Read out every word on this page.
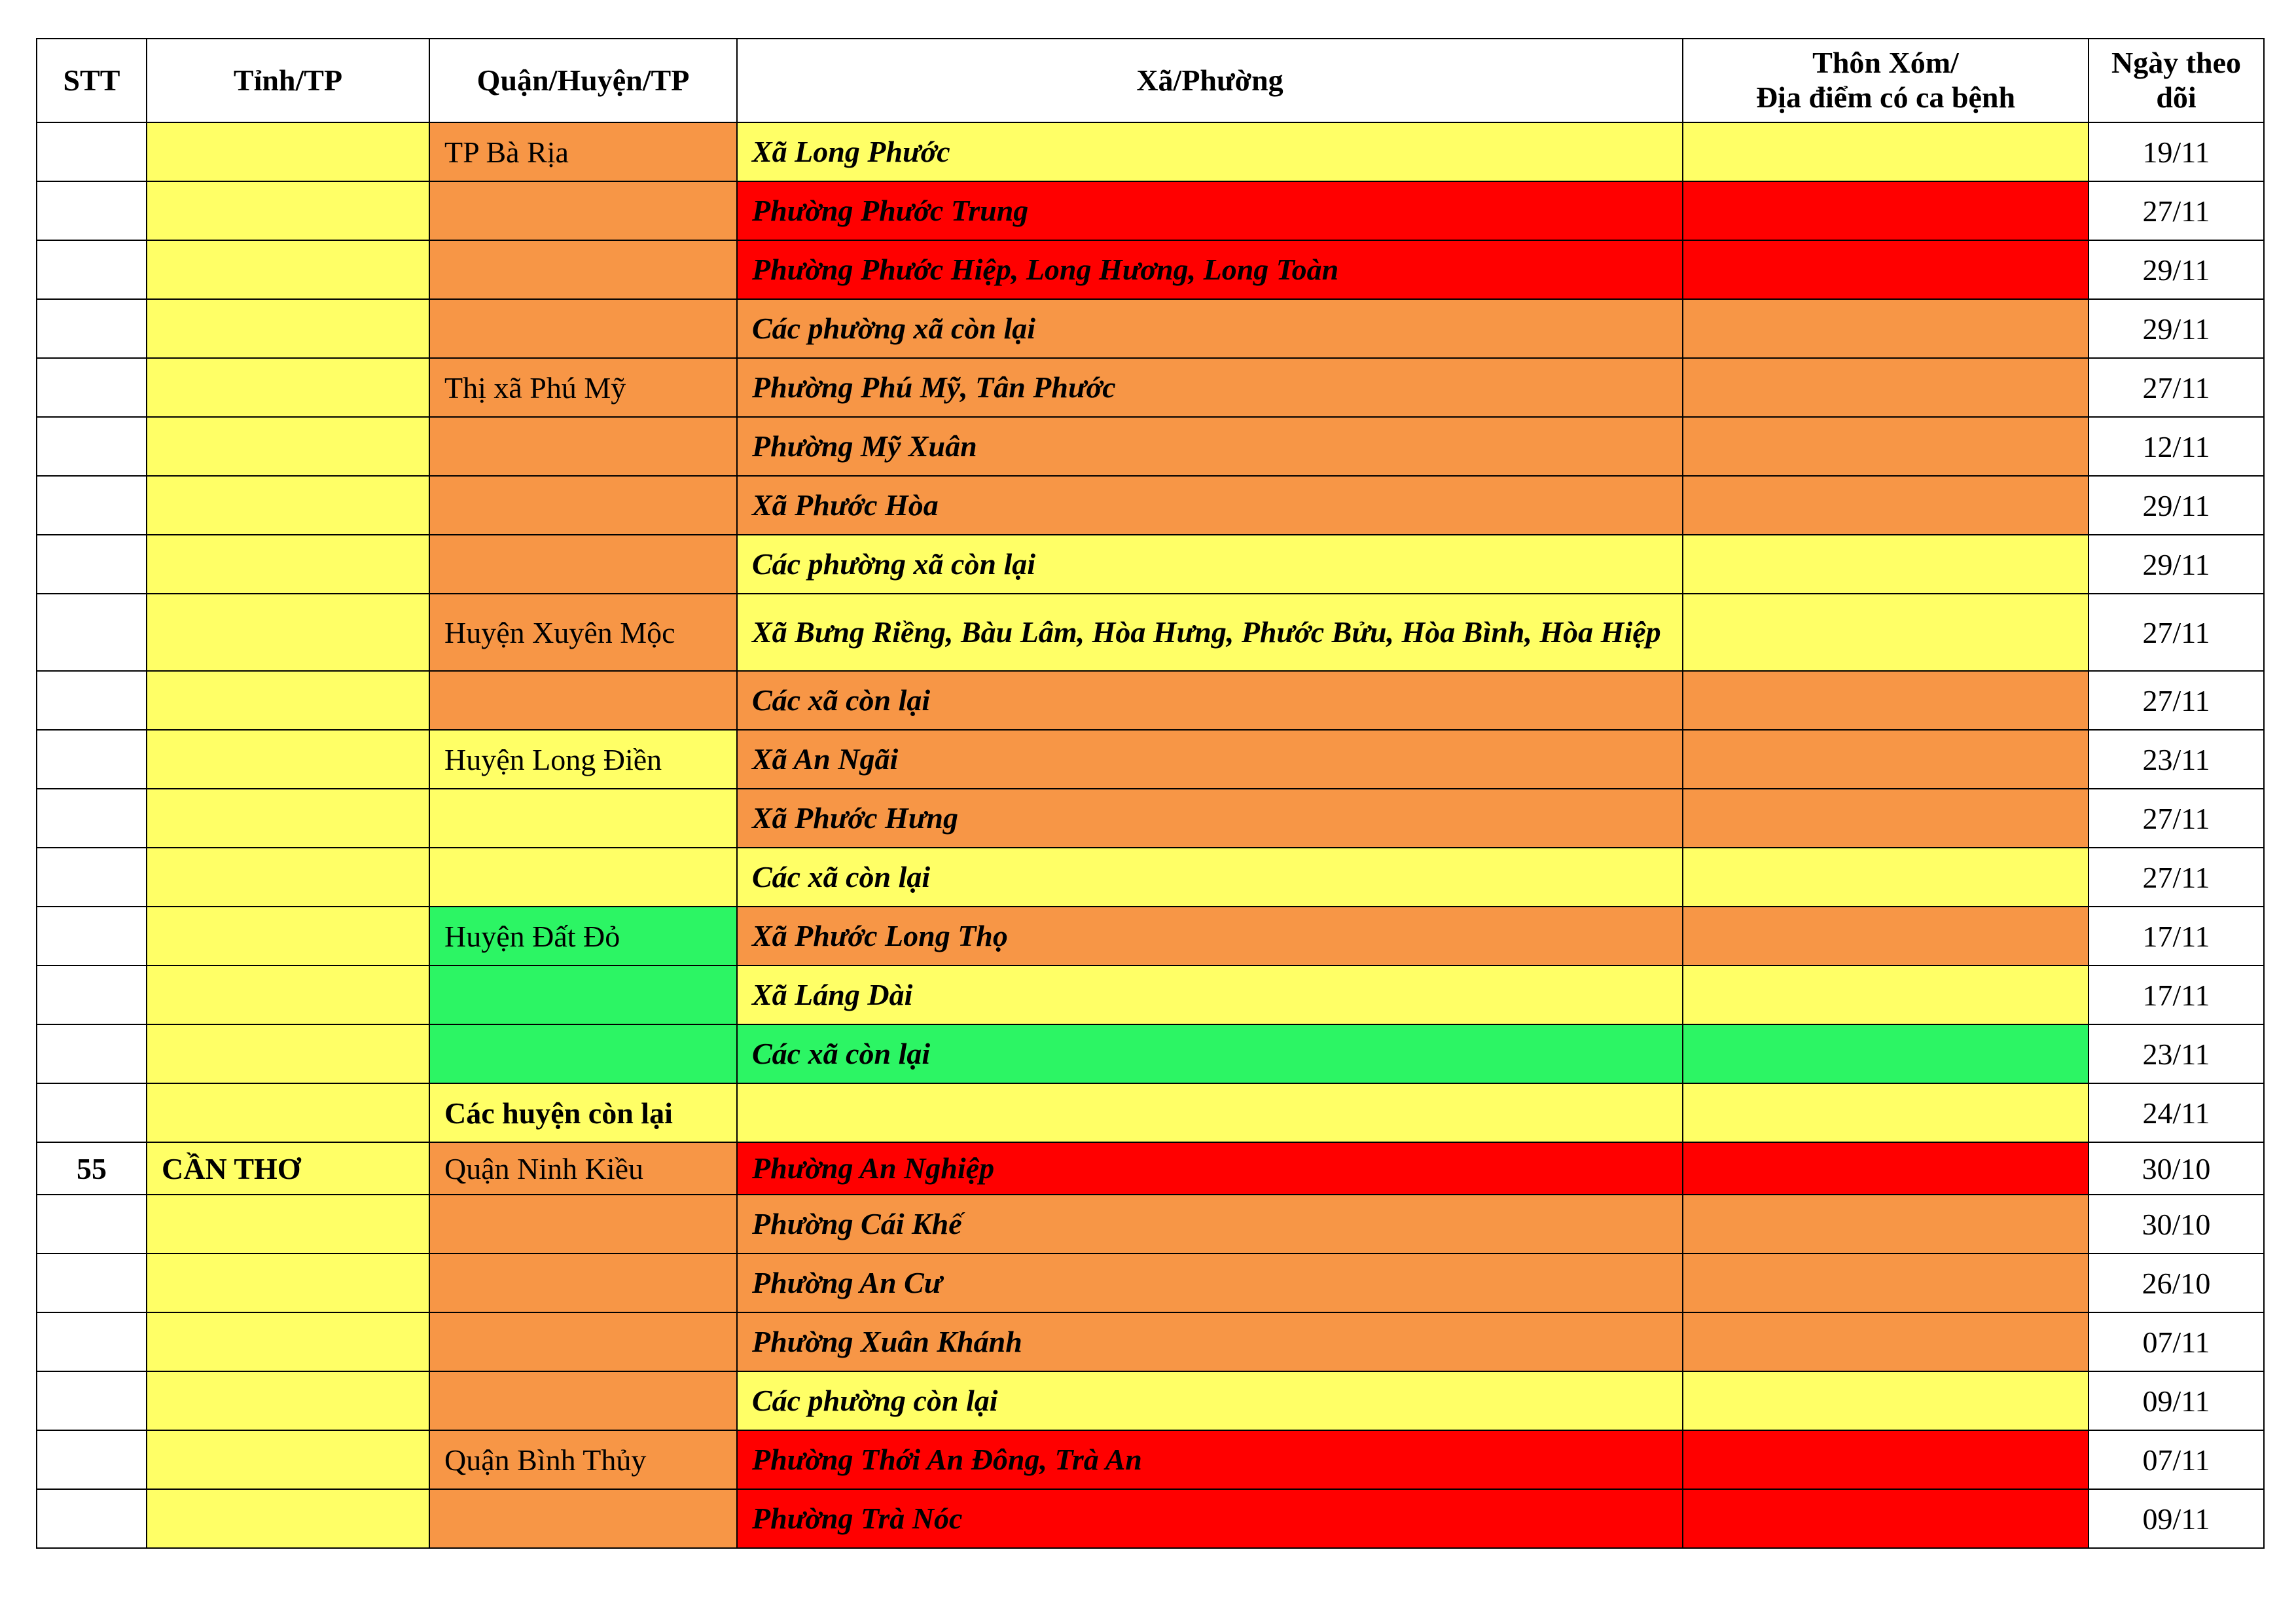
STT	Tỉnh/TP	Quận/Huyện/TP	Xã/Phường	Thôn Xóm/
Địa điểm có ca bệnh	Ngày theo dõi
		TP Bà Rịa	Xã Long Phước		19/11
			Phường Phước Trung		27/11
			Phường Phước Hiệp, Long Hương, Long Toàn		29/11
			Các phường xã còn lại		29/11
		Thị xã Phú Mỹ	Phường Phú Mỹ, Tân Phước		27/11
			Phường Mỹ Xuân		12/11
			Xã Phước Hòa		29/11
			Các phường xã còn lại		29/11
		Huyện Xuyên Mộc	Xã Bưng Riềng, Bàu Lâm, Hòa Hưng, Phước Bửu, Hòa Bình, Hòa Hiệp		27/11
			Các xã còn lại		27/11
		Huyện Long Điền	Xã An Ngãi		23/11
			Xã Phước Hưng		27/11
			Các xã còn lại		27/11
		Huyện Đất Đỏ	Xã Phước Long Thọ		17/11
			Xã Láng Dài		17/11
			Các xã còn lại		23/11
		Các huyện còn lại			24/11
55	CẦN THƠ	Quận Ninh Kiều	Phường An Nghiệp		30/10
			Phường Cái Khế		30/10
			Phường An Cư		26/10
			Phường Xuân Khánh		07/11
			Các phường còn lại		09/11
		Quận Bình Thủy	Phường Thới An Đông, Trà An		07/11
			Phường Trà Nóc		09/11
